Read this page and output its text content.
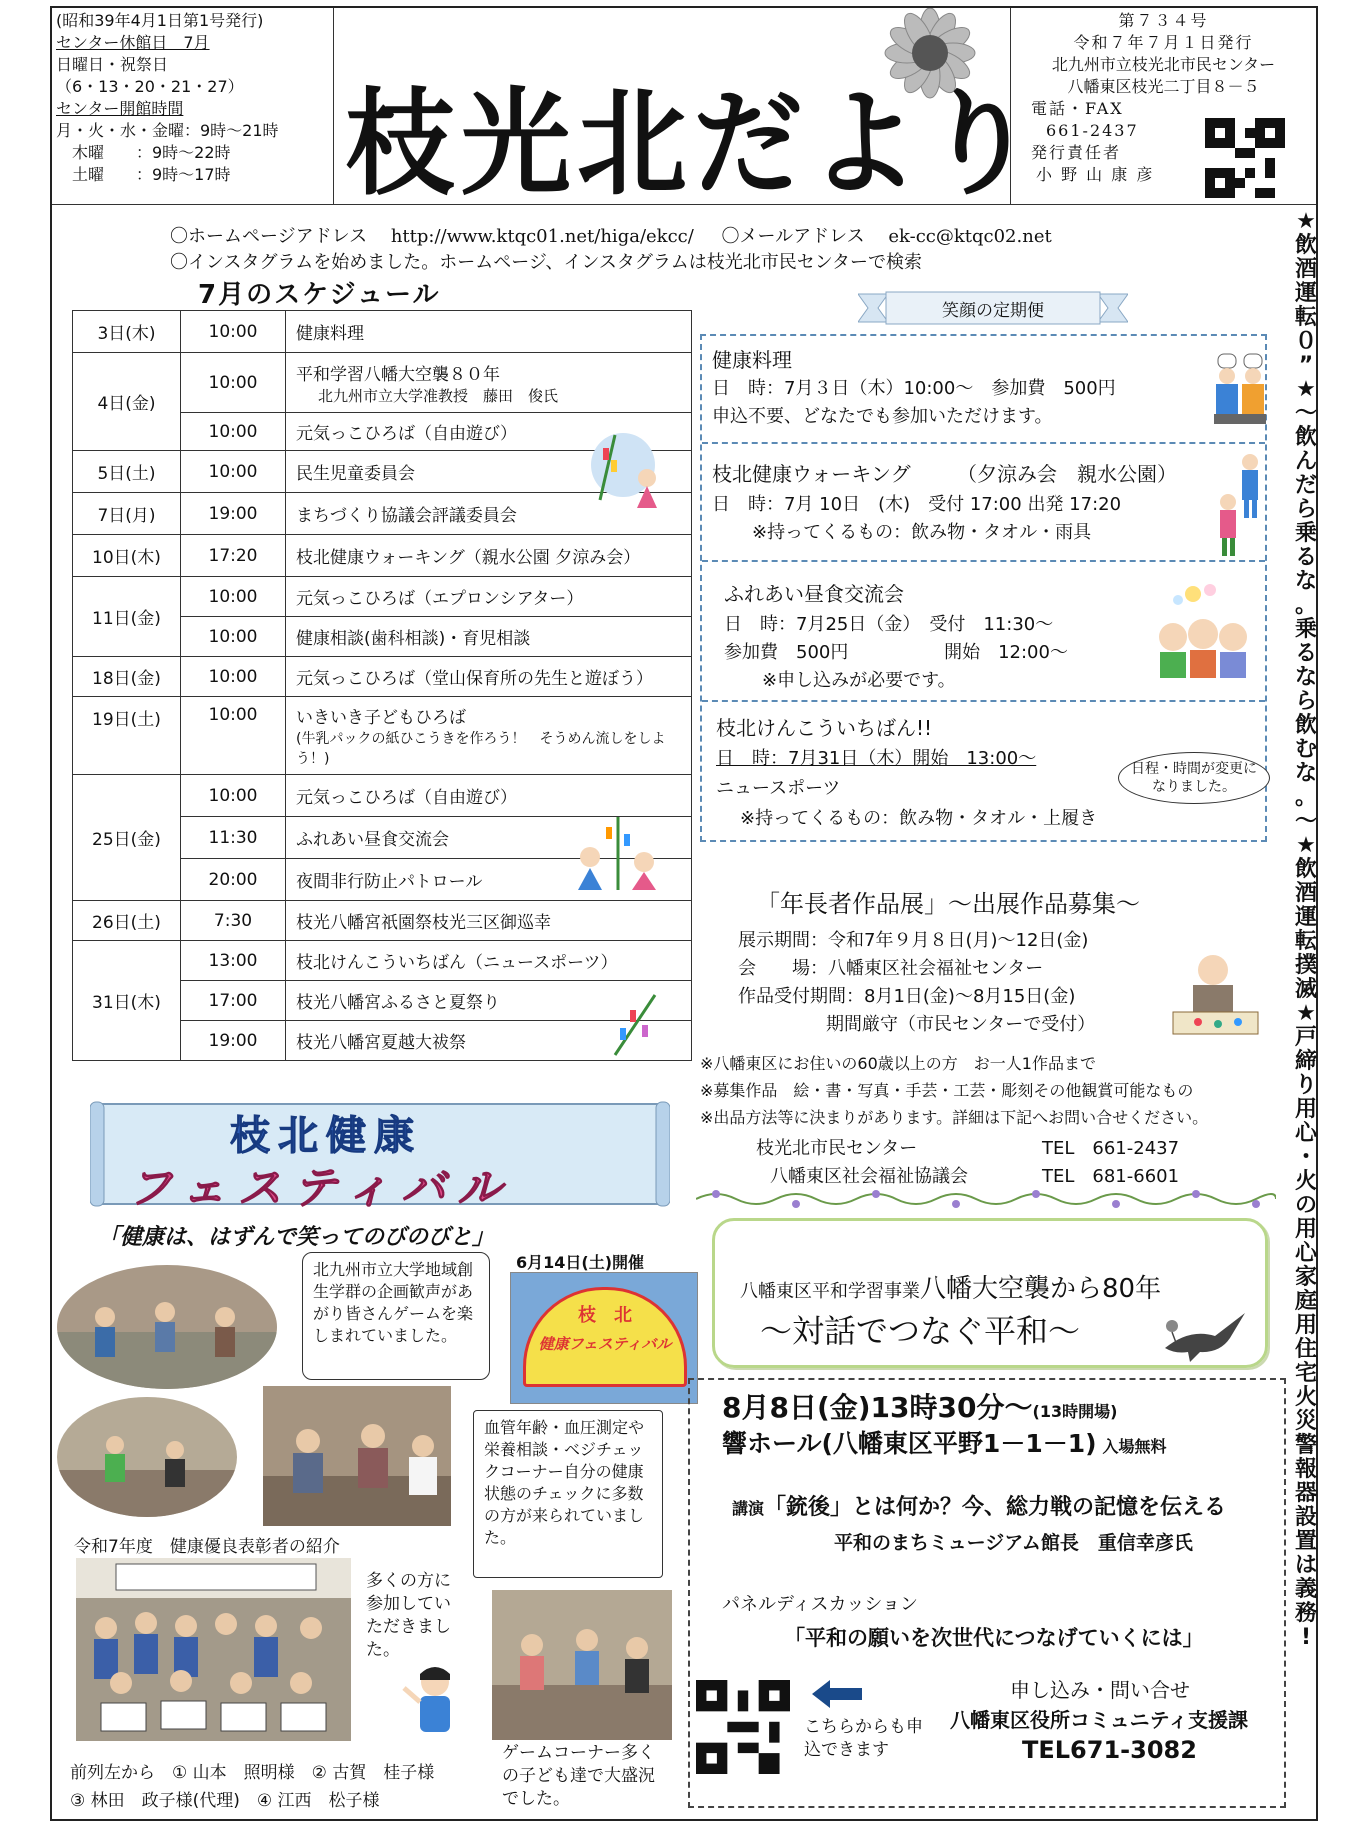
(昭和39年4月1日第1号発行)
センター休館日　7月
日曜日・祝祭日
（6・13・20・21・27）
センター開館時間
月・火・水・金曜：9時～21時
　木曜　　：9時～22時
　土曜　　：9時～17時	枝光北だより
第７３４号
令和７年７月１日発行
北九州市立枝光北市民センター
八幡東区枝光二丁目８－５
電話・FAX
661-2437
発行責任者
小 野 山 康 彦
〇ホームページアドレス http://www.ktqc01.net/higa/ekcc/ 〇メールアドレス ek-cc@ktqc02.net
〇インスタグラムを始めました。ホームページ、インスタグラムは枝光北市民センターで検索
7月のスケジュール
3日(木)	10:00	健康料理
4日(金)	10:00	平和学習八幡大空襲８０年
北九州市立大学准教授　藤田　俊氏

	10:00	元気っこひろば（自由遊び）
5日(土)	10:00	民生児童委員会
7日(月)	19:00	まちづくり協議会評議委員会
10日(木)	17:20	枝北健康ウォーキング（親水公園 夕涼み会）
11日(金)	10:00	元気っこひろば（エプロンシアター）
	10:00	健康相談(歯科相談)・育児相談
18日(金)	10:00	元気っこひろば（堂山保育所の先生と遊ぼう）
19日(土)	10:00	いきいき子どもひろば
(牛乳パックの紙ひこうきを作ろう！　そうめん流しをしよう！)

25日(金)	10:00	元気っこひろば（自由遊び）
	11:30	ふれあい昼食交流会
	20:00	夜間非行防止パトロール
26日(土)	7:30	枝光八幡宮祇園祭枝光三区御巡幸
31日(木)	13:00	枝北けんこういちばん（ニュースポーツ）
	17:00	枝光八幡宮ふるさと夏祭り
	19:00	枝光八幡宮夏越大祓祭
笑顔の定期便
健康料理
日　時：7月３日（木）10:00～　参加費　500円
申込不要、どなたでも参加いただけます。
枝北健康ウォーキング （夕涼み会　親水公園）
日　時：7月 10日　(木)　受付 17:00 出発 17:20
※持ってくるもの：飲み物・タオル・雨具
ふれあい昼食交流会
日　時：7月25日（金）　受付　11:30～
参加費　500円　　　　　 開始　12:00～
※申し込みが必要です。
枝北けんこういちばん!!
日　時：7月31日（木）開始　13:00～
ニュースポーツ
※持ってくるもの：飲み物・タオル・上履き
日程・時間が変更になりました。
「年長者作品展」～出展作品募集～
展示期間：令和7年９月８日(月)～12日(金)
会　　場：八幡東区社会福祉センター
作品受付期間：8月1日(金)～8月15日(金)
期間厳守（市民センターで受付）
※八幡東区にお住いの60歳以上の方　お一人1作品まで
※募集作品　絵・書・写真・手芸・工芸・彫刻その他観賞可能なもの
※出品方法等に決まりがあります。詳細は下記へお問い合せください。
枝光北市民センター	TEL　661-2437
八幡東区社会福祉協議会	TEL　681-6601
枝北健康
フェスティバル
「健康は、はずんで笑ってのびのびと」
北九州市立大学地域創生学群の企画歓声があがり皆さんゲームを楽しまれていました。
6月14日(土)開催
枝　北
健康フェスティバル
血管年齢・血圧測定や栄養相談・ベジチェックコーナー自分の健康状態のチェックに多数の方が来られていました。
令和7年度　健康優良表彰者の紹介
多くの方に参加していただきました。
ゲームコーナー多くの子ども達で大盛況でした。
前列左から　① 山本　照明様　② 古賀　桂子様
③ 林田　政子様(代理)　④ 江西　松子様
八幡東区平和学習事業八幡大空襲から80年
～対話でつなぐ平和～
8月8日(金)13時30分～(13時開場)
響ホール(八幡東区平野1－1－1) 入場無料
講演「銃後」とは何か？今、総力戦の記憶を伝える
平和のまちミュージアム館長　重信幸彦氏
パネルディスカッション
「平和の願いを次世代につなげていくには」
こちらからも申込できます
申し込み・問い合せ
八幡東区役所コミュニティ支援課
TEL671-3082
★
飲
酒
運
転
０
”
★
～
飲
ん
だ
ら
乗
る
な
。
乗
る
な
ら
飲
む
な
。
～
★
飲
酒
運
転
撲
滅
★
戸
締
り
用
心
・
火
の
用
心
家
庭
用
住
宅
火
災
警
報
器
設
置
は
義
務
!
